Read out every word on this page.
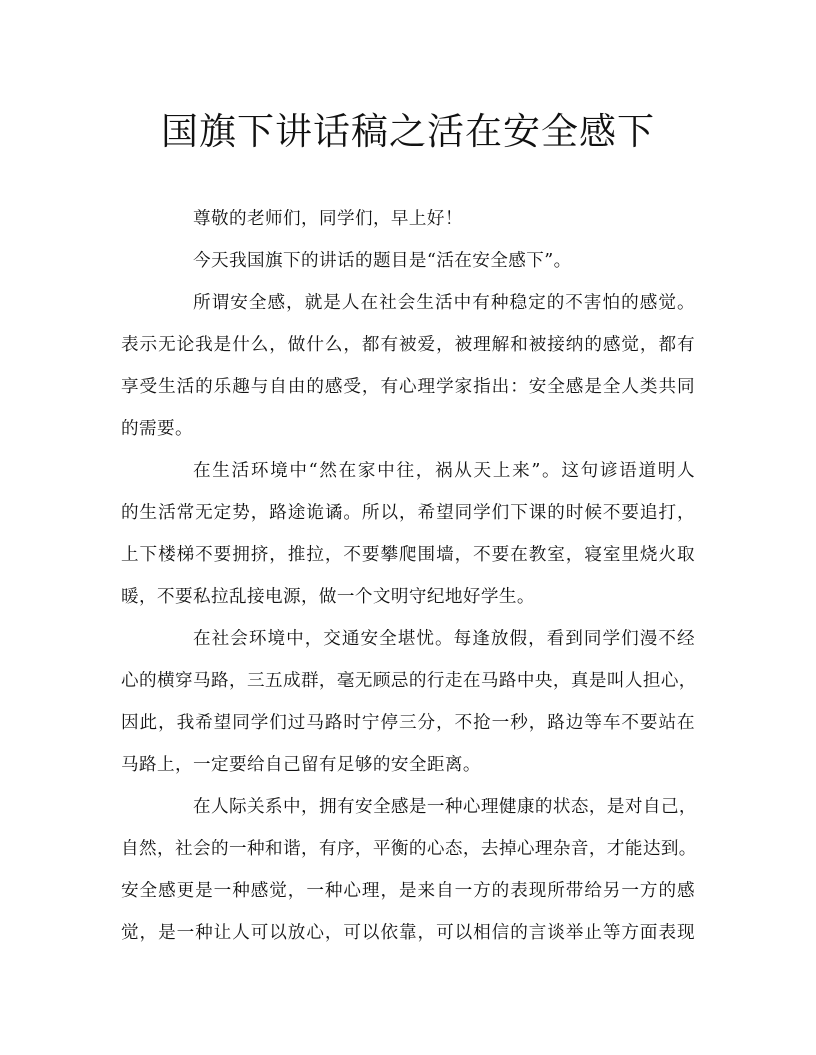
国旗下讲话稿之活在安全感下
尊敬的老师们，同学们，早上好！
今天我国旗下的讲话的题目是“活在安全感下”。
所谓安全感，就是人在社会生活中有种稳定的不害怕的感觉。
表示无论我是什么，做什么，都有被爱，被理解和被接纳的感觉，都有
享受生活的乐趣与自由的感受，有心理学家指出：安全感是全人类共同
的需要。
在生活环境中“然在家中往，祸从天上来”。这句谚语道明人
的生活常无定势，路途诡谲。所以，希望同学们下课的时候不要追打，
上下楼梯不要拥挤，推拉，不要攀爬围墙，不要在教室，寝室里烧火取
暖，不要私拉乱接电源，做一个文明守纪地好学生。
在社会环境中，交通安全堪忧。每逢放假，看到同学们漫不经
心的横穿马路，三五成群，毫无顾忌的行走在马路中央，真是叫人担心，
因此，我希望同学们过马路时宁停三分，不抢一秒，路边等车不要站在
马路上，一定要给自己留有足够的安全距离。
在人际关系中，拥有安全感是一种心理健康的状态，是对自己，
自然，社会的一种和谐，有序，平衡的心态，去掉心理杂音，才能达到。
安全感更是一种感觉，一种心理，是来自一方的表现所带给另一方的感
觉，是一种让人可以放心，可以依靠，可以相信的言谈举止等方面表现
